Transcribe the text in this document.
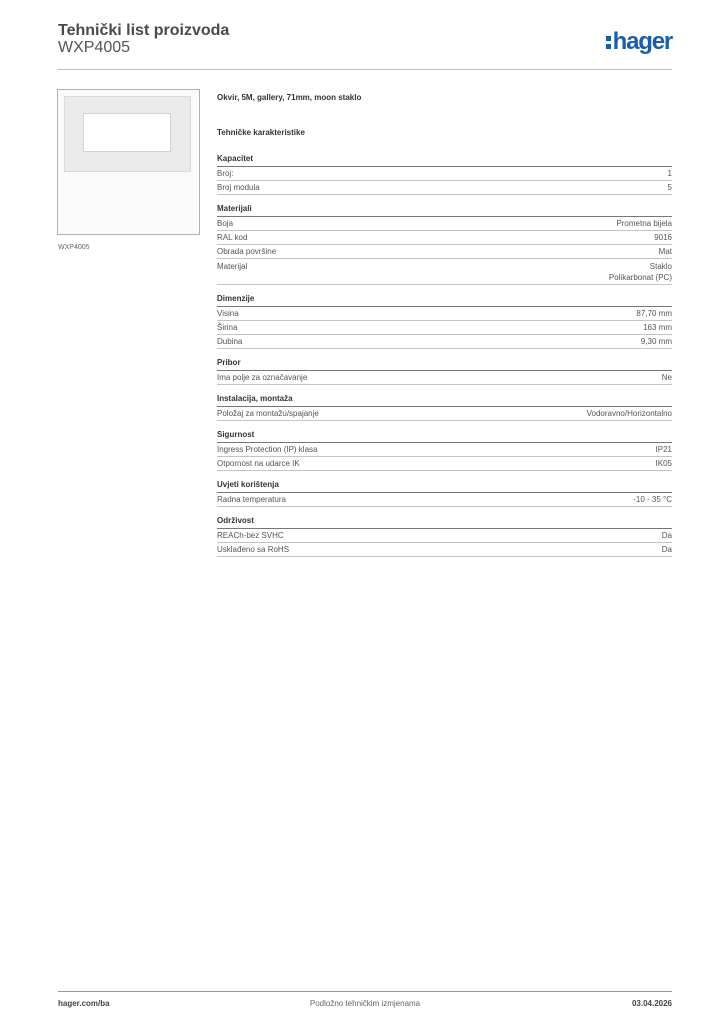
Tehnički list proizvoda
WXP4005	hager
WXP4005
Okvir, 5M, gallery, 71mm, moon staklo
Tehničke karakteristike
Kapacitet
Broj:	1
Broj modula	5
Materijali
Boja	Prometna bijela
RAL kod	9016
Obrada površine	Mat
Materijal	Staklo
Polikarbonat (PC)
Dimenzije
Visina	87,70 mm
Širina	163 mm
Dubina	9,30 mm
Pribor
Ima polje za označavanje	Ne
Instalacija, montaža
Položaj za montažu/spajanje	Vodoravno/Horizontalno
Sigurnost
Ingress Protection (IP) klasa	IP21
Otpornost na udarce IK	IK05
Uvjeti korištenja
Radna temperatura	-10 - 35 °C
Održivost
REACh-bez SVHC	Da
Usklađeno sa RoHS	Da
hager.com/ba	Podložno tehničkim izmjenama	03.04.2026
